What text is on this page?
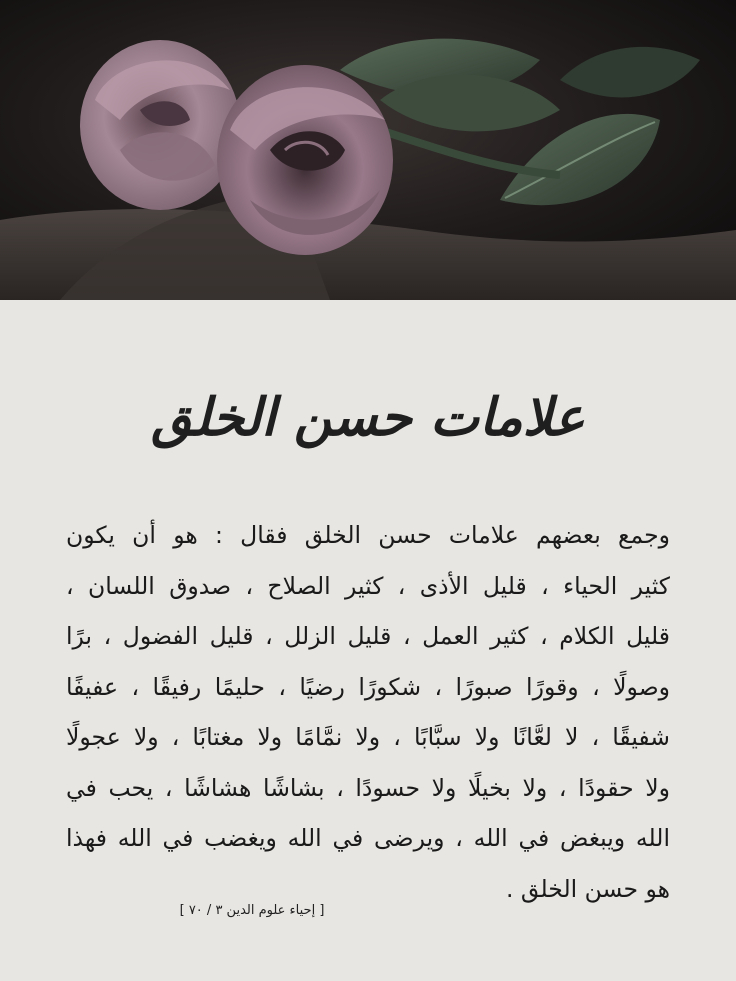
علامات حسن الخلق
وجمع بعضهم علامات حسن الخلق فقال : هو أن يكون
كثير الحياء ، قليل الأذى ، كثير الصلاح ، صدوق اللسان ،
قليل الكلام ، كثير العمل ، قليل الزلل ، قليل الفضول ، برًا
وصولًا ، وقورًا صبورًا ، شكورًا رضيًا ، حليمًا رفيقًا ، عفيفًا
شفيقًا ، لا لعَّانًا ولا سبَّابًا ، ولا نمَّامًا ولا مغتابًا ، ولا عجولًا
ولا حقودًا ، ولا بخيلًا ولا حسودًا ، بشاشًا هشاشًا ، يحب في
الله ويبغض في الله ، ويرضى في الله ويغضب في الله فهذا
هو حسن الخلق .
[ إحياء علوم الدين ٣ / ٧٠ ]
